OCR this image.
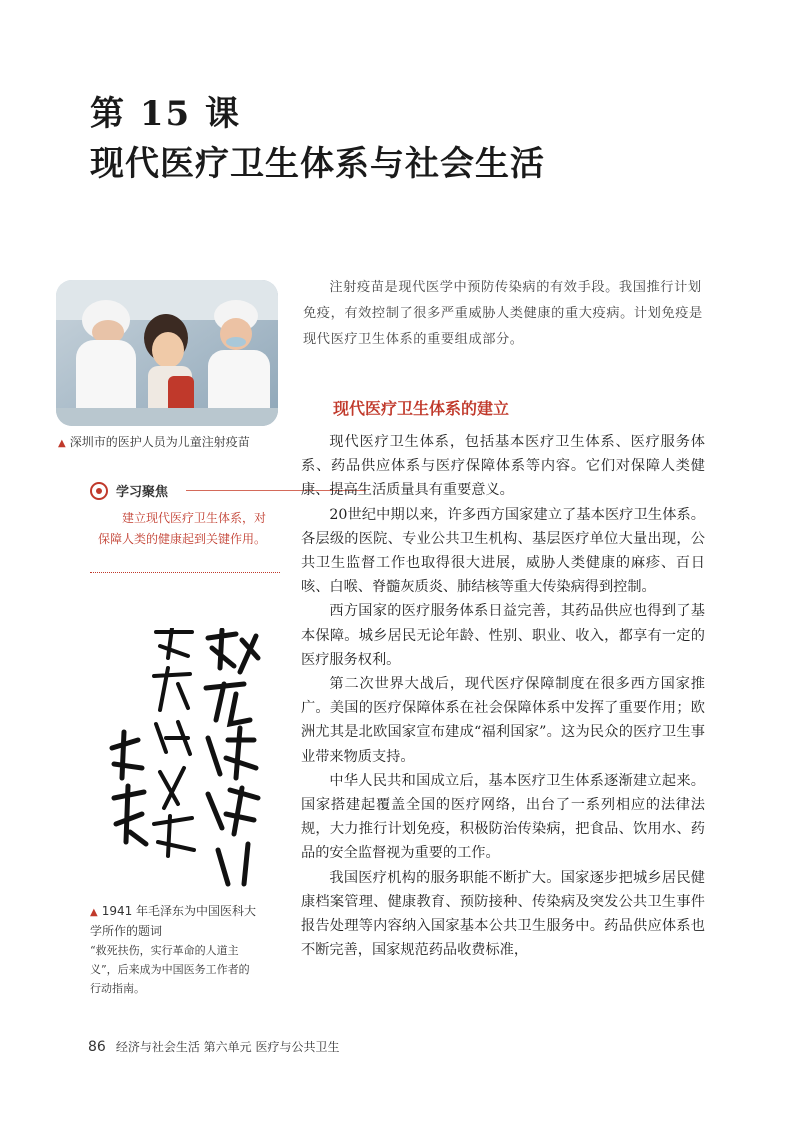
第 15 课
现代医疗卫生体系与社会生活
▲ 深圳市的医护人员为儿童注射疫苗
学习聚焦
建立现代医疗卫生体系，对保障人类的健康起到关键作用。
▲ 1941 年毛泽东为中国医科大学所作的题词
“救死扶伤，实行革命的人道主义”，后来成为中国医务工作者的行动指南。
注射疫苗是现代医学中预防传染病的有效手段。我国推行计划免疫，有效控制了很多严重威胁人类健康的重大疫病。计划免疫是现代医疗卫生体系的重要组成部分。
现代医疗卫生体系的建立

现代医疗卫生体系，包括基本医疗卫生体系、医疗服务体系、药品供应体系与医疗保障体系等内容。它们对保障人类健康、提高生活质量具有重要意义。

20世纪中期以来，许多西方国家建立了基本医疗卫生体系。各层级的医院、专业公共卫生机构、基层医疗单位大量出现，公共卫生监督工作也取得很大进展，威胁人类健康的麻疹、百日咳、白喉、脊髓灰质炎、肺结核等重大传染病得到控制。

西方国家的医疗服务体系日益完善，其药品供应也得到了基本保障。城乡居民无论年龄、性别、职业、收入，都享有一定的医疗服务权利。

第二次世界大战后，现代医疗保障制度在很多西方国家推广。美国的医疗保障体系在社会保障体系中发挥了重要作用；欧洲尤其是北欧国家宣布建成“福利国家”。这为民众的医疗卫生事业带来物质支持。

中华人民共和国成立后，基本医疗卫生体系逐渐建立起来。国家搭建起覆盖全国的医疗网络，出台了一系列相应的法律法规，大力推行计划免疫，积极防治传染病，把食品、饮用水、药品的安全监督视为重要的工作。

我国医疗机构的服务职能不断扩大。国家逐步把城乡居民健康档案管理、健康教育、预防接种、传染病及突发公共卫生事件报告处理等内容纳入国家基本公共卫生服务中。药品供应体系也不断完善，国家规范药品收费标准，

86 经济与社会生活 第六单元 医疗与公共卫生
